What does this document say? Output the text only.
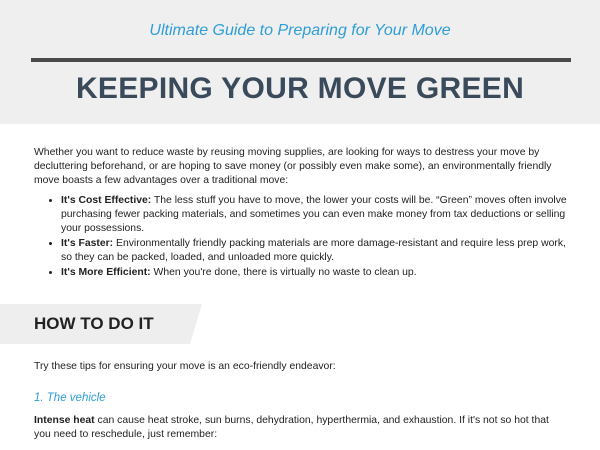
Ultimate Guide to Preparing for Your Move
KEEPING YOUR MOVE GREEN

Whether you want to reduce waste by reusing moving supplies, are looking for ways to destress your move by decluttering beforehand, or are hoping to save money (or possibly even make some), an environmentally friendly move boasts a few advantages over a traditional move:

• It's Cost Effective: The less stuff you have to move, the lower your costs will be. “Green” moves often involve purchasing fewer packing materials, and sometimes you can even make money from tax deductions or selling your possessions.
• It's Faster: Environmentally friendly packing materials are more damage-resistant and require less prep work, so they can be packed, loaded, and unloaded more quickly.
• It's More Efficient: When you're done, there is virtually no waste to clean up.
HOW TO DO IT

Try these tips for ensuring your move is an eco-friendly endeavor:

1. The vehicle

Intense heat can cause heat stroke, sun burns, dehydration, hyperthermia, and exhaustion. If it's not so hot that you need to reschedule, just remember:
